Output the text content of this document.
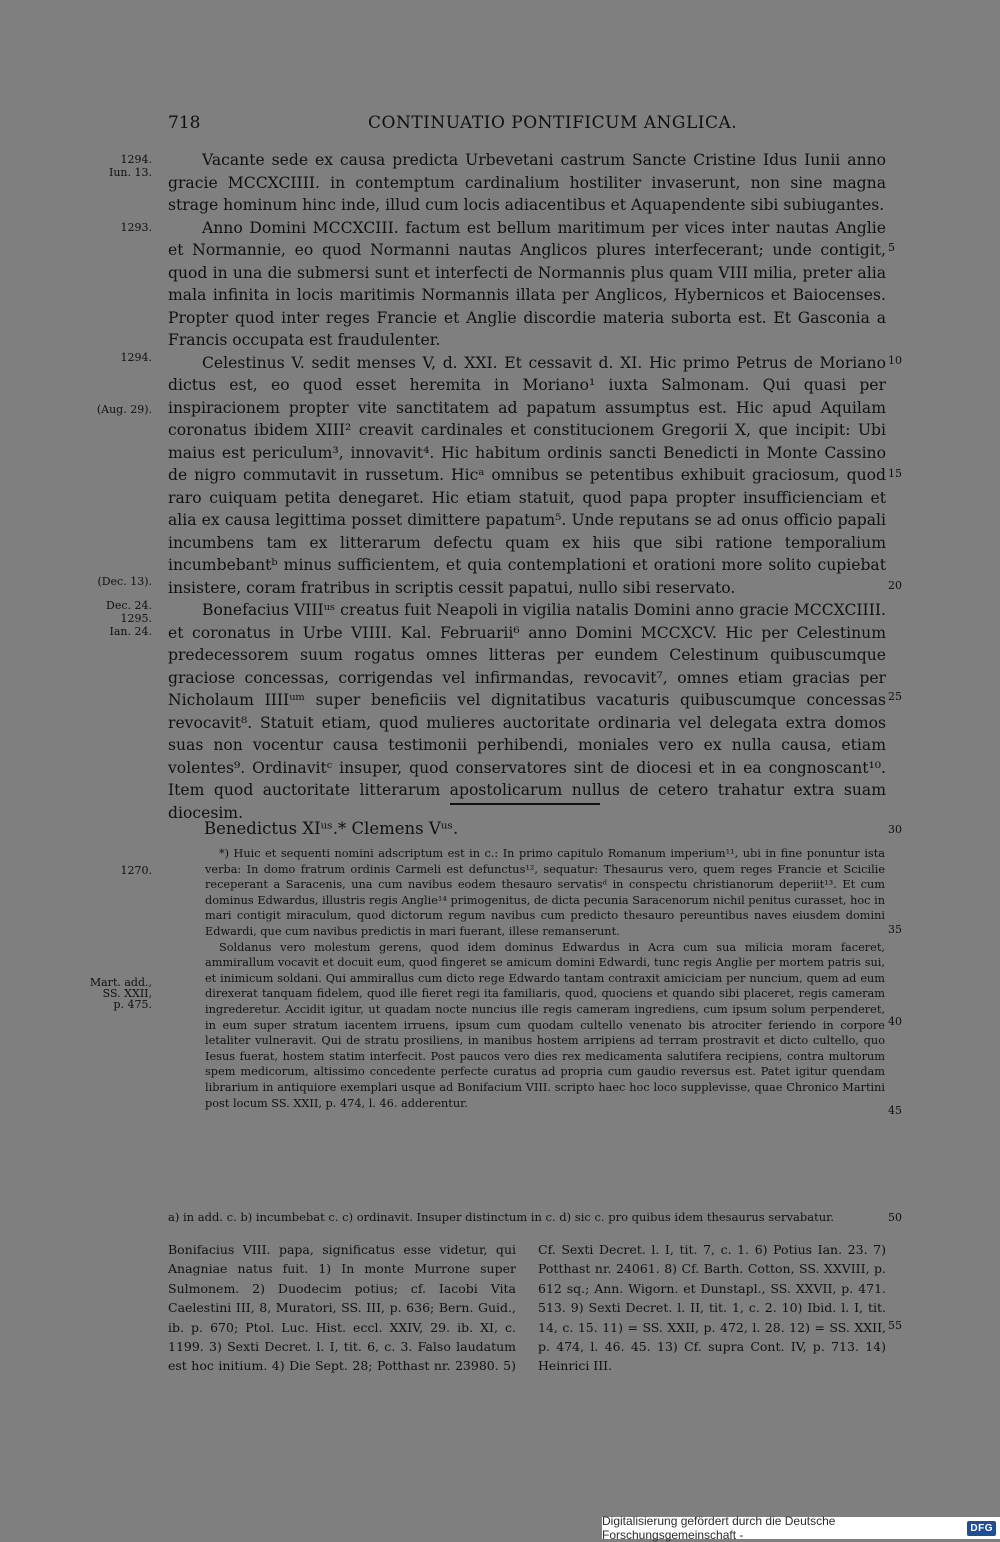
718	CONTINUATIO PONTIFICUM ANGLICA.
1294.
Iun. 13.
1293.
1294.
(Aug. 29).
(Dec. 13).
Dec. 24.
1295.
Ian. 24.
1270.
Mart. add.,
SS. XXII,
p. 475.
5
10
15
20
25
30
35
40
45
50
55

Vacante sede ex causa predicta Urbevetani castrum Sancte Cristine Idus Iunii anno gracie MCCXCIIII. in contemptum cardinalium hostiliter invaserunt, non sine magna strage hominum hinc inde, illud cum locis adiacentibus et Aquapendente sibi subiugantes.

Anno Domini MCCXCIII. factum est bellum maritimum per vices inter nautas Anglie et Normannie, eo quod Normanni nautas Anglicos plures interfecerant; unde contigit, quod in una die submersi sunt et interfecti de Normannis plus quam VIII milia, preter alia mala infinita in locis maritimis Normannis illata per Anglicos, Hybernicos et Baiocenses. Propter quod inter reges Francie et Anglie discordie materia suborta est. Et Gasconia a Francis occupata est fraudulenter.

Celestinus V. sedit menses V, d. XXI. Et cessavit d. XI. Hic primo Petrus de Moriano dictus est, eo quod esset heremita in Moriano¹ iuxta Salmonam. Qui quasi per inspiracionem propter vite sanctitatem ad papatum assumptus est. Hic apud Aquilam coronatus ibidem XIII² creavit cardinales et constitucionem Gregorii X, que incipit: Ubi maius est periculum³, innovavit⁴. Hic habitum ordinis sancti Benedicti in Monte Cassino de nigro commutavit in russetum. Hicᵃ omnibus se petentibus exhibuit graciosum, quod raro cuiquam petita denegaret. Hic etiam statuit, quod papa propter insufficienciam et alia ex causa legittima posset dimittere papatum⁵. Unde reputans se ad onus officio papali incumbens tam ex litterarum defectu quam ex hiis que sibi ratione temporalium incumbebantᵇ minus sufficientem, et quia contemplationi et orationi more solito cupiebat insistere, coram fratribus in scriptis cessit papatui, nullo sibi reservato.

Bonefacius VIIIᵘˢ creatus fuit Neapoli in vigilia natalis Domini anno gracie MCCXCIIII. et coronatus in Urbe VIIII. Kal. Februarii⁶ anno Domini MCCXCV. Hic per Celestinum predecessorem suum rogatus omnes litteras per eundem Celestinum quibuscumque graciose concessas, corrigendas vel infirmandas, revocavit⁷, omnes etiam gracias per Nicholaum IIIIᵘᵐ super beneficiis vel dignitatibus vacaturis quibuscumque concessas revocavit⁸. Statuit etiam, quod mulieres auctoritate ordinaria vel delegata extra domos suas non vocentur causa testimonii perhibendi, moniales vero ex nulla causa, etiam volentes⁹. Ordinavitᶜ insuper, quod conservatores sint de diocesi et in ea congnoscant¹⁰. Item quod auctoritate litterarum apostolicarum nullus de cetero trahatur extra suam diocesim.

Benedictus XIᵘˢ.* Clemens Vᵘˢ.

*) Huic et sequenti nomini adscriptum est in c.: In primo capitulo Romanum imperium¹¹, ubi in fine ponuntur ista verba: In domo fratrum ordinis Carmeli est defunctus¹², sequatur: Thesaurus vero, quem reges Francie et Scicilie receperant a Saracenis, una cum navibus eodem thesauro servatisᵈ in conspectu christianorum deperiit¹³. Et cum dominus Edwardus, illustris regis Anglie¹⁴ primogenitus, de dicta pecunia Saracenorum nichil penitus curasset, hoc in mari contigit miraculum, quod dictorum regum navibus cum predicto thesauro pereuntibus naves eiusdem domini Edwardi, que cum navibus predictis in mari fuerant, illese remanserunt.

Soldanus vero molestum gerens, quod idem dominus Edwardus in Acra cum sua milicia moram faceret, ammirallum vocavit et docuit eum, quod fingeret se amicum domini Edwardi, tunc regis Anglie per mortem patris sui, et inimicum soldani. Qui ammirallus cum dicto rege Edwardo tantam contraxit amiciciam per nuncium, quem ad eum direxerat tanquam fidelem, quod ille fieret regi ita familiaris, quod, quociens et quando sibi placeret, regis cameram ingrederetur. Accidit igitur, ut quadam nocte nuncius ille regis cameram ingrediens, cum ipsum solum perpenderet, in eum super stratum iacentem irruens, ipsum cum quodam cultello venenato bis atrociter feriendo in corpore letaliter vulneravit. Qui de stratu prosiliens, in manibus hostem arripiens ad terram prostravit et dicto cultello, quo Iesus fuerat, hostem statim interfecit. Post paucos vero dies rex medicamenta salutifera recipiens, contra multorum spem medicorum, altissimo concedente perfecte curatus ad propria cum gaudio reversus est. Patet igitur quendam librarium in antiquiore exemplari usque ad Bonifacium VIII. scripto haec hoc loco supplevisse, quae Chronico Martini post locum SS. XXII, p. 474, l. 46. adderentur.

a) in add. c. b) incumbebat c. c) ordinavit. Insuper distinctum in c. d) sic c. pro quibus idem thesaurus servabatur.
Bonifacius VIII. papa, significatus esse videtur, qui Anagniae natus fuit. 1) In monte Murrone super Sulmonem. 2) Duodecim potius; cf. Iacobi Vita Caelestini III, 8, Muratori, SS. III, p. 636; Bern. Guid., ib. p. 670; Ptol. Luc. Hist. eccl. XXIV, 29. ib. XI, c. 1199. 3) Sexti Decret. l. I, tit. 6, c. 3. Falso laudatum est hoc initium. 4) Die Sept. 28; Potthast nr. 23980. 5) Cf. Sexti Decret. l. I, tit. 7, c. 1. 6) Potius Ian. 23. 7) Potthast nr. 24061. 8) Cf. Barth. Cotton, SS. XXVIII, p. 612 sq.; Ann. Wigorn. et Dunstapl., SS. XXVII, p. 471. 513. 9) Sexti Decret. l. II, tit. 1, c. 2. 10) Ibid. l. I, tit. 14, c. 15. 11) = SS. XXII, p. 472, l. 28. 12) = SS. XXII, p. 474, l. 46. 45. 13) Cf. supra Cont. IV, p. 713. 14) Heinrici III.
Digitalisierung gefördert durch die Deutsche Forschungsgemeinschaft -	DFG
